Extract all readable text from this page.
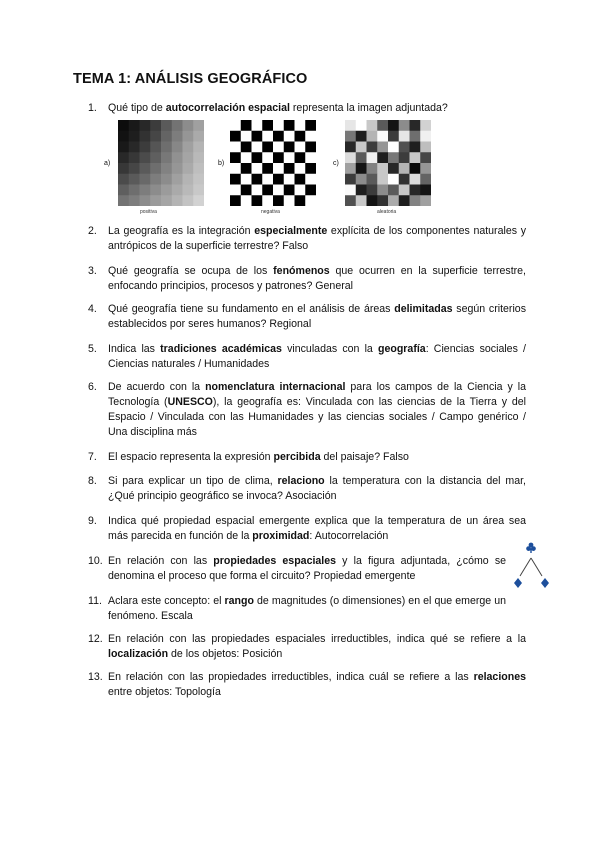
TEMA 1: ANÁLISIS GEOGRÁFICO
1. Qué tipo de autocorrelación espacial representa la imagen adjuntada?
2. La geografía es la integración especialmente explícita de los componentes naturales y antrópicos de la superficie terrestre? Falso
3. Qué geografía se ocupa de los fenómenos que ocurren en la superficie terrestre, enfocando principios, procesos y patrones? General
4. Qué geografía tiene su fundamento en el análisis de áreas delimitadas según criterios establecidos por seres humanos? Regional
5. Indica las tradiciones académicas vinculadas con la geografía: Ciencias sociales / Ciencias naturales / Humanidades
6. De acuerdo con la nomenclatura internacional para los campos de la Ciencia y la Tecnología (UNESCO), la geografía es: Vinculada con las ciencias de la Tierra y del Espacio / Vinculada con las Humanidades y las ciencias sociales / Campo genérico / Una disciplina más
7. El espacio representa la expresión percibida del paisaje? Falso
8. Si para explicar un tipo de clima, relaciono la temperatura con la distancia del mar, ¿Qué principio geográfico se invoca? Asociación
9. Indica qué propiedad espacial emergente explica que la temperatura de un área sea más parecida en función de la proximidad: Autocorrelación
10. En relación con las propiedades espaciales y la figura adjuntada, ¿cómo se denomina el proceso que forma el circuito? Propiedad emergente
11. Aclara este concepto: el rango de magnitudes (o dimensiones) en el que emerge un fenómeno. Escala
12. En relación con las propiedades espaciales irreductibles, indica qué se refiere a la localización de los objetos: Posición
13. En relación con las propiedades irreductibles, indica cuál se refiere a las relaciones entre objetos: Topología
a)
positiva
b)
negativa
c)
aleatoria
